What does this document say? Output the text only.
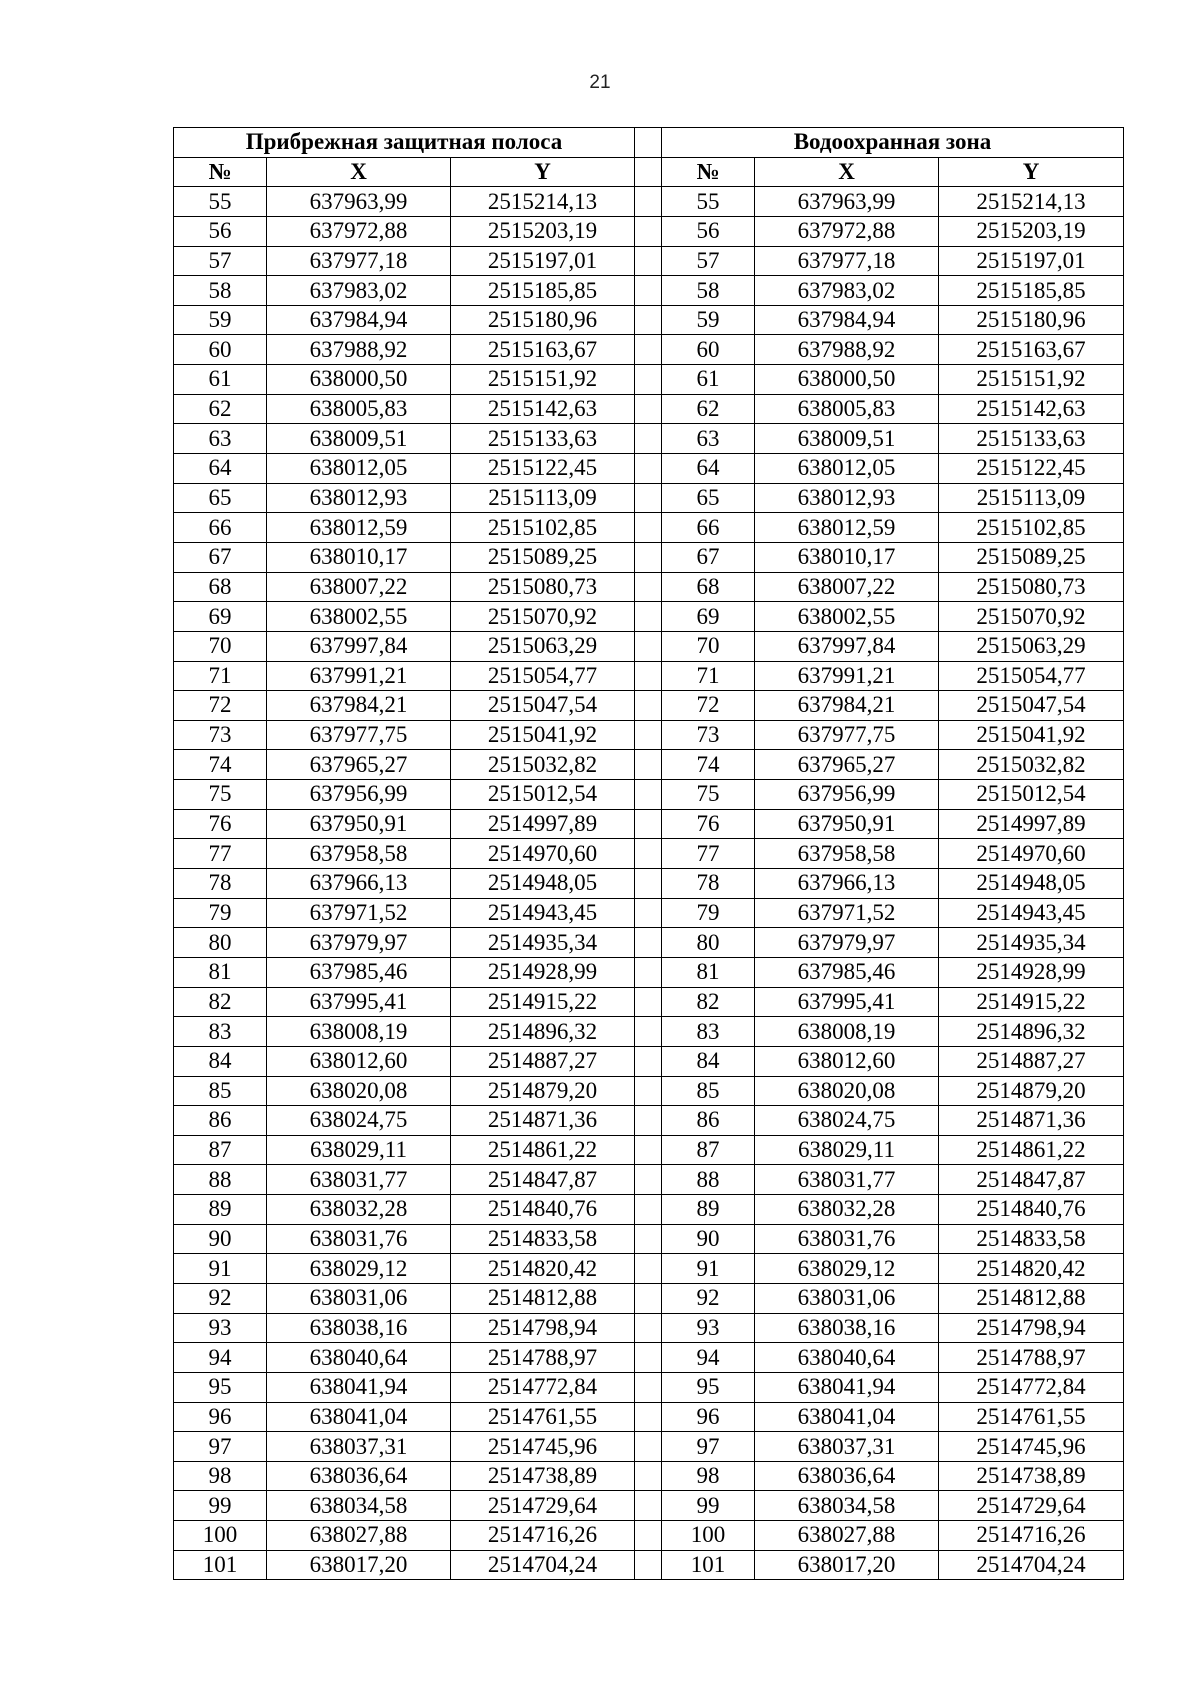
21
Прибрежная защитная полоса				Водоохранная зона		
№	X	Y		№	X	Y
55	637963,99	2515214,13		55	637963,99	2515214,13
56	637972,88	2515203,19		56	637972,88	2515203,19
57	637977,18	2515197,01		57	637977,18	2515197,01
58	637983,02	2515185,85		58	637983,02	2515185,85
59	637984,94	2515180,96		59	637984,94	2515180,96
60	637988,92	2515163,67		60	637988,92	2515163,67
61	638000,50	2515151,92		61	638000,50	2515151,92
62	638005,83	2515142,63		62	638005,83	2515142,63
63	638009,51	2515133,63		63	638009,51	2515133,63
64	638012,05	2515122,45		64	638012,05	2515122,45
65	638012,93	2515113,09		65	638012,93	2515113,09
66	638012,59	2515102,85		66	638012,59	2515102,85
67	638010,17	2515089,25		67	638010,17	2515089,25
68	638007,22	2515080,73		68	638007,22	2515080,73
69	638002,55	2515070,92		69	638002,55	2515070,92
70	637997,84	2515063,29		70	637997,84	2515063,29
71	637991,21	2515054,77		71	637991,21	2515054,77
72	637984,21	2515047,54		72	637984,21	2515047,54
73	637977,75	2515041,92		73	637977,75	2515041,92
74	637965,27	2515032,82		74	637965,27	2515032,82
75	637956,99	2515012,54		75	637956,99	2515012,54
76	637950,91	2514997,89		76	637950,91	2514997,89
77	637958,58	2514970,60		77	637958,58	2514970,60
78	637966,13	2514948,05		78	637966,13	2514948,05
79	637971,52	2514943,45		79	637971,52	2514943,45
80	637979,97	2514935,34		80	637979,97	2514935,34
81	637985,46	2514928,99		81	637985,46	2514928,99
82	637995,41	2514915,22		82	637995,41	2514915,22
83	638008,19	2514896,32		83	638008,19	2514896,32
84	638012,60	2514887,27		84	638012,60	2514887,27
85	638020,08	2514879,20		85	638020,08	2514879,20
86	638024,75	2514871,36		86	638024,75	2514871,36
87	638029,11	2514861,22		87	638029,11	2514861,22
88	638031,77	2514847,87		88	638031,77	2514847,87
89	638032,28	2514840,76		89	638032,28	2514840,76
90	638031,76	2514833,58		90	638031,76	2514833,58
91	638029,12	2514820,42		91	638029,12	2514820,42
92	638031,06	2514812,88		92	638031,06	2514812,88
93	638038,16	2514798,94		93	638038,16	2514798,94
94	638040,64	2514788,97		94	638040,64	2514788,97
95	638041,94	2514772,84		95	638041,94	2514772,84
96	638041,04	2514761,55		96	638041,04	2514761,55
97	638037,31	2514745,96		97	638037,31	2514745,96
98	638036,64	2514738,89		98	638036,64	2514738,89
99	638034,58	2514729,64		99	638034,58	2514729,64
100	638027,88	2514716,26		100	638027,88	2514716,26
101	638017,20	2514704,24		101	638017,20	2514704,24
